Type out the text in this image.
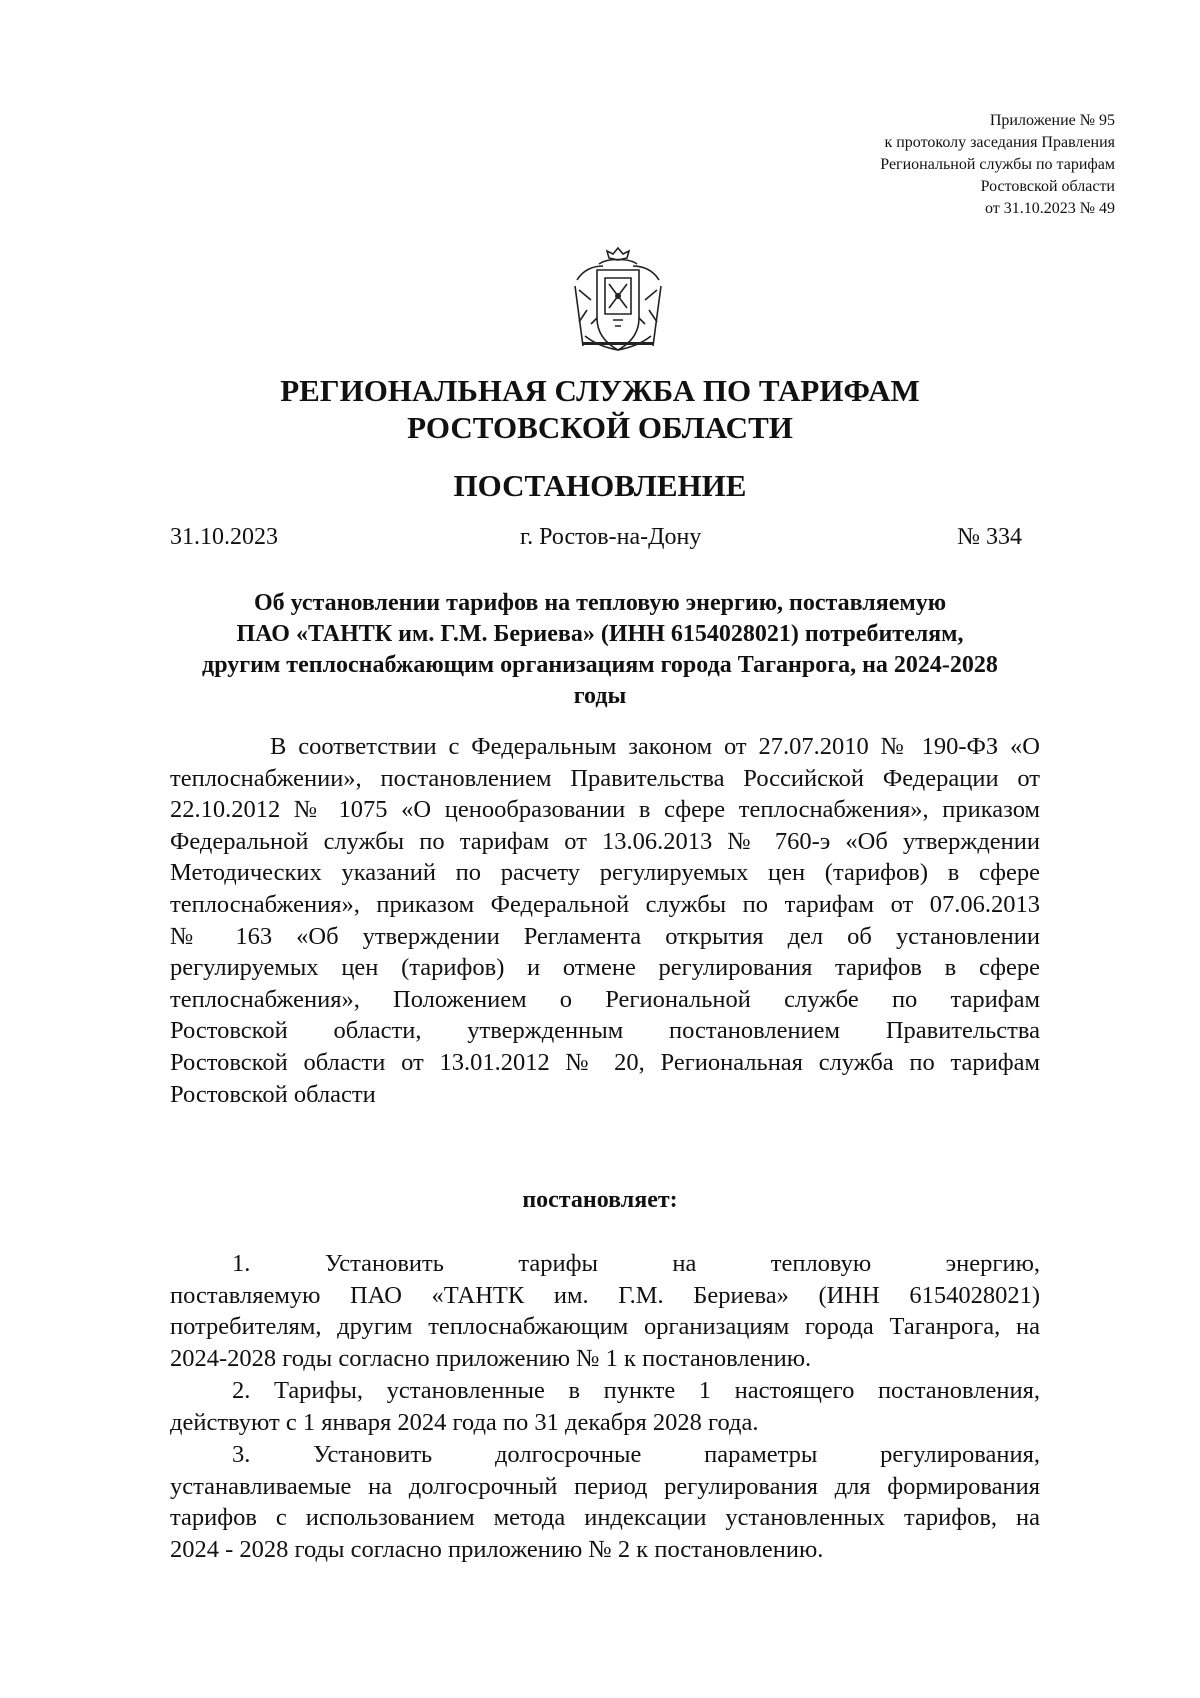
Приложение № 95
к протоколу заседания Правления
Региональной службы по тарифам
Ростовской области
от 31.10.2023 № 49
РЕГИОНАЛЬНАЯ СЛУЖБА ПО ТАРИФАМ
РОСТОВСКОЙ ОБЛАСТИ
ПОСТАНОВЛЕНИЕ
31.10.2023	г. Ростов-на-Дону	№ 334
Об установлении тарифов на тепловую энергию, поставляемую
ПАО «ТАНТК им. Г.М. Бериева» (ИНН 6154028021) потребителям,
другим теплоснабжающим организациям города Таганрога, на 2024-2028
годы
В соответствии с Федеральным законом от 27.07.2010 № 190-ФЗ «О
теплоснабжении», постановлением Правительства Российской Федерации от
22.10.2012 № 1075 «О ценообразовании в сфере теплоснабжения», приказом
Федеральной службы по тарифам от 13.06.2013 № 760-э «Об утверждении
Методических указаний по расчету регулируемых цен (тарифов) в сфере
теплоснабжения», приказом Федеральной службы по тарифам от 07.06.2013
№ 163 «Об утверждении Регламента открытия дел об установлении
регулируемых цен (тарифов) и отмене регулирования тарифов в сфере
теплоснабжения», Положением о Региональной службе по тарифам
Ростовской области, утвержденным постановлением Правительства
Ростовской области от 13.01.2012 № 20, Региональная служба по тарифам
Ростовской области
постановляет:
1. Установить тарифы на тепловую энергию,
поставляемую ПАО «ТАНТК им. Г.М. Бериева» (ИНН 6154028021)
потребителям, другим теплоснабжающим организациям города Таганрога, на
2024-2028 годы согласно приложению № 1 к постановлению.
2. Тарифы, установленные в пункте 1 настоящего постановления,
действуют с 1 января 2024 года по 31 декабря 2028 года.
3. Установить долгосрочные параметры регулирования,
устанавливаемые на долгосрочный период регулирования для формирования
тарифов с использованием метода индексации установленных тарифов, на
2024 - 2028 годы согласно приложению № 2 к постановлению.
